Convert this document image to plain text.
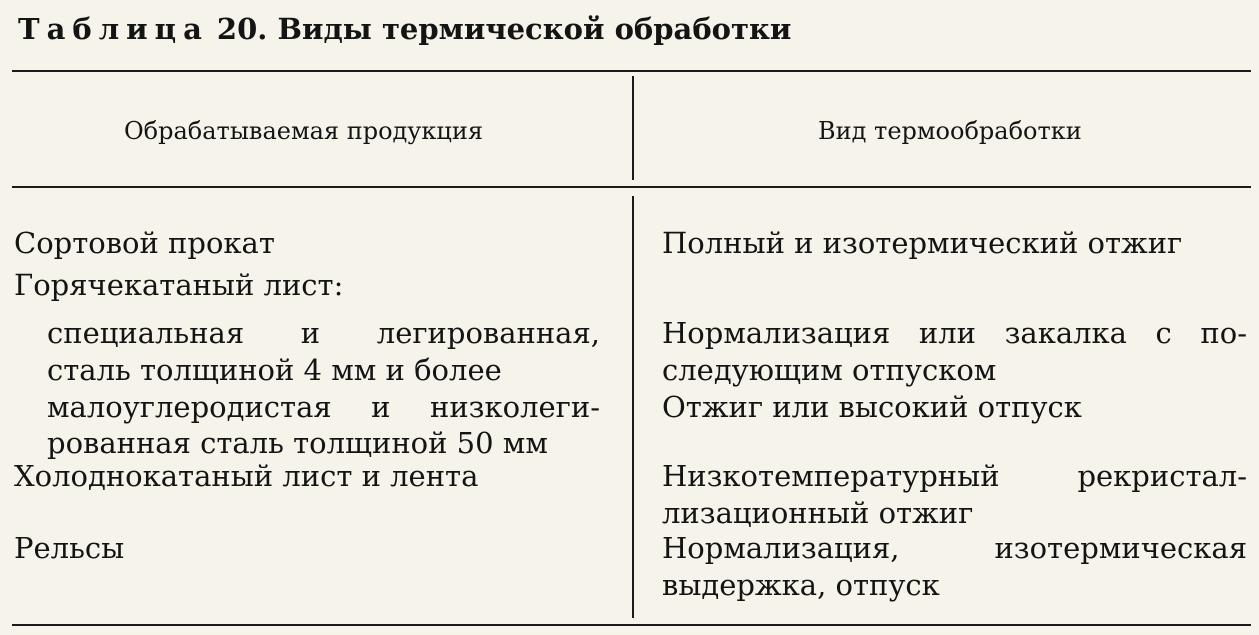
Таблица 20. Виды термической обработки
Обрабатываемая продукция	Вид термообработки
Сортовой прокат
Горячекатаный лист:
специальная и легированная,
сталь толщиной 4 мм и более
малоуглеродистая и низколеги-
рованная сталь толщиной 50 мм
Холоднокатаный лист и лента
Рельсы
Полный и изотермический отжиг
Нормализация или закалка с по-
следующим отпуском
Отжиг или высокий отпуск
Низкотемпературный рекристал-
лизационный отжиг
Нормализация, изотермическая
выдержка, отпуск
